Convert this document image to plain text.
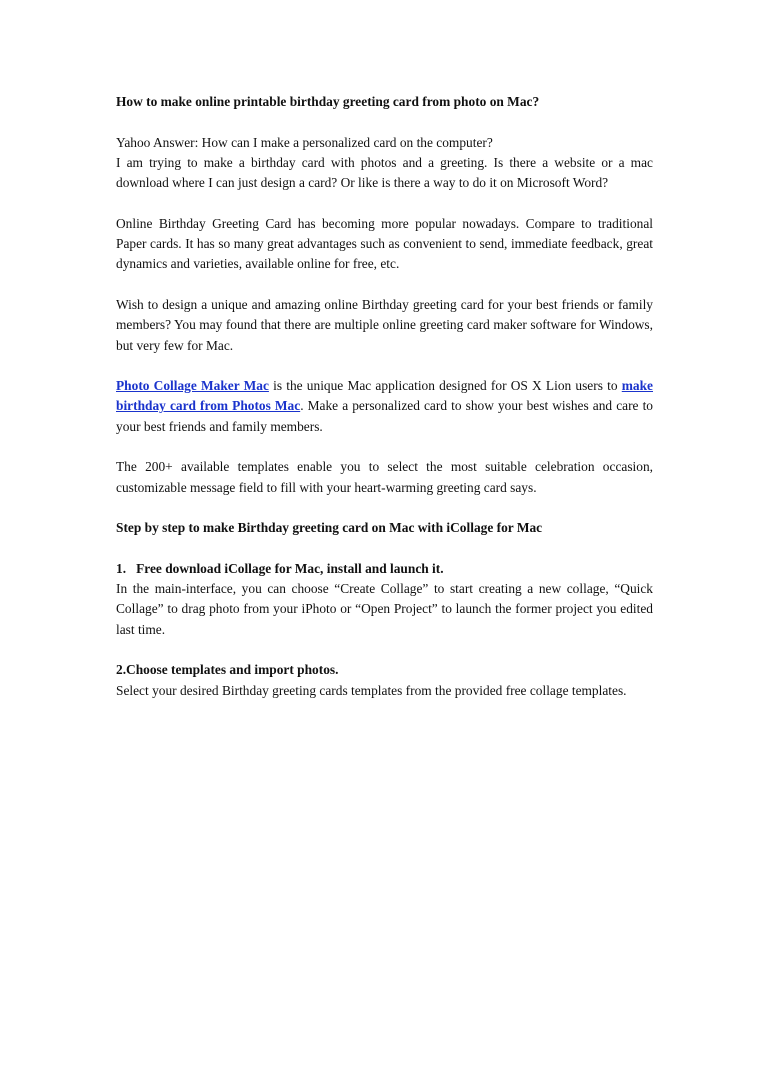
How to make online printable birthday greeting card from photo on Mac?

Yahoo Answer: How can I make a personalized card on the computer?
I am trying to make a birthday card with photos and a greeting. Is there a website or a mac download where I can just design a card? Or like is there a way to do it on Microsoft Word?

Online Birthday Greeting Card has becoming more popular nowadays. Compare to traditional Paper cards. It has so many great advantages such as convenient to send, immediate feedback, great dynamics and varieties, available online for free, etc.

Wish to design a unique and amazing online Birthday greeting card for your best friends or family members? You may found that there are multiple online greeting card maker software for Windows, but very few for Mac.

Photo Collage Maker Mac is the unique Mac application designed for OS X Lion users to make birthday card from Photos Mac. Make a personalized card to show your best wishes and care to your best friends and family members.

The 200+ available templates enable you to select the most suitable celebration occasion, customizable message field to fill with your heart-warming greeting card says.

Step by step to make Birthday greeting card on Mac with iCollage for Mac

1.   Free download iCollage for Mac, install and launch it.
In the main-interface, you can choose “Create Collage” to start creating a new collage, “Quick Collage” to drag photo from your iPhoto or “Open Project” to launch the former project you edited last time.

2.Choose templates and import photos.
Select your desired Birthday greeting cards templates from the provided free collage templates.
